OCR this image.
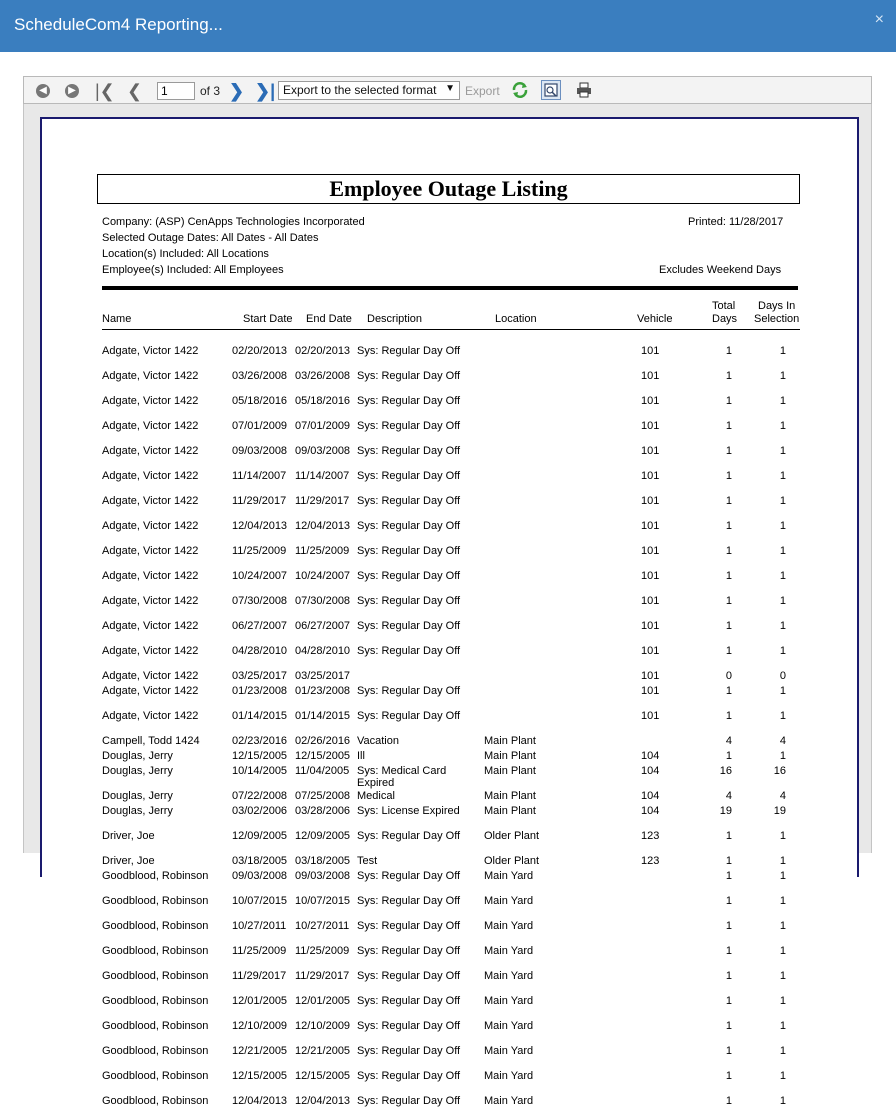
ScheduleCom4 Reporting...	×
◀	▶ |❮ ❮
1	of 3 ❯ ❯| Export to the selected format ▼ Export
Employee Outage Listing
Company: (ASP) CenApps Technologies Incorporated	Printed: 11/28/2017
Selected Outage Dates: All Dates - All Dates
Location(s) Included: All Locations
Employee(s) Included: All Employees	Excludes Weekend Days
Name	Start Date End Date Description	Location	Vehicle
Total
Days
Days In
Selection
Adgate, Victor 1422	02/20/2013 02/20/2013 Sys: Regular Day Off	101	1	1
Adgate, Victor 1422	03/26/2008 03/26/2008 Sys: Regular Day Off	101	1	1
Adgate, Victor 1422	05/18/2016 05/18/2016 Sys: Regular Day Off	101	1	1
Adgate, Victor 1422	07/01/2009 07/01/2009 Sys: Regular Day Off	101	1	1
Adgate, Victor 1422	09/03/2008 09/03/2008 Sys: Regular Day Off	101	1	1
Adgate, Victor 1422	11/14/2007 11/14/2007 Sys: Regular Day Off	101	1	1
Adgate, Victor 1422	11/29/2017 11/29/2017 Sys: Regular Day Off	101	1	1
Adgate, Victor 1422	12/04/2013 12/04/2013 Sys: Regular Day Off	101	1	1
Adgate, Victor 1422	11/25/2009 11/25/2009 Sys: Regular Day Off	101	1	1
Adgate, Victor 1422	10/24/2007 10/24/2007 Sys: Regular Day Off	101	1	1
Adgate, Victor 1422	07/30/2008 07/30/2008 Sys: Regular Day Off	101	1	1
Adgate, Victor 1422	06/27/2007 06/27/2007 Sys: Regular Day Off	101	1	1
Adgate, Victor 1422	04/28/2010 04/28/2010 Sys: Regular Day Off	101	1	1
Adgate, Victor 1422	03/25/2017 03/25/2017	101	0	0
Adgate, Victor 1422	01/23/2008 01/23/2008 Sys: Regular Day Off	101	1	1
Adgate, Victor 1422	01/14/2015 01/14/2015 Sys: Regular Day Off	101	1	1
Campell, Todd 1424	02/23/2016 02/26/2016 Vacation	Main Plant	4	4
Douglas, Jerry	12/15/2005 12/15/2005 Ill	Main Plant	104	1	1
Douglas, Jerry	10/14/2005 11/04/2005 Sys: Medical Card Expired
Main Plant	104	16	16
Douglas, Jerry	07/22/2008 07/25/2008 Medical	Main Plant	104	4	4
Douglas, Jerry	03/02/2006 03/28/2006 Sys: License Expired	Main Plant	104	19	19
Driver, Joe	12/09/2005 12/09/2005 Sys: Regular Day Off	Older Plant	123	1	1
Driver, Joe	03/18/2005 03/18/2005 Test	Older Plant	123	1	1
Goodblood, Robinson 09/03/2008 09/03/2008 Sys: Regular Day Off	Main Yard	1	1
Goodblood, Robinson 10/07/2015 10/07/2015 Sys: Regular Day Off	Main Yard	1	1
Goodblood, Robinson 10/27/2011 10/27/2011 Sys: Regular Day Off	Main Yard	1	1
Goodblood, Robinson 11/25/2009 11/25/2009 Sys: Regular Day Off	Main Yard	1	1
Goodblood, Robinson 11/29/2017 11/29/2017 Sys: Regular Day Off	Main Yard	1	1
Goodblood, Robinson 12/01/2005 12/01/2005 Sys: Regular Day Off	Main Yard	1	1
Goodblood, Robinson 12/10/2009 12/10/2009 Sys: Regular Day Off	Main Yard	1	1
Goodblood, Robinson 12/21/2005 12/21/2005 Sys: Regular Day Off	Main Yard	1	1
Goodblood, Robinson 12/15/2005 12/15/2005 Sys: Regular Day Off	Main Yard	1	1
Goodblood, Robinson 12/04/2013 12/04/2013 Sys: Regular Day Off	Main Yard	1	1
